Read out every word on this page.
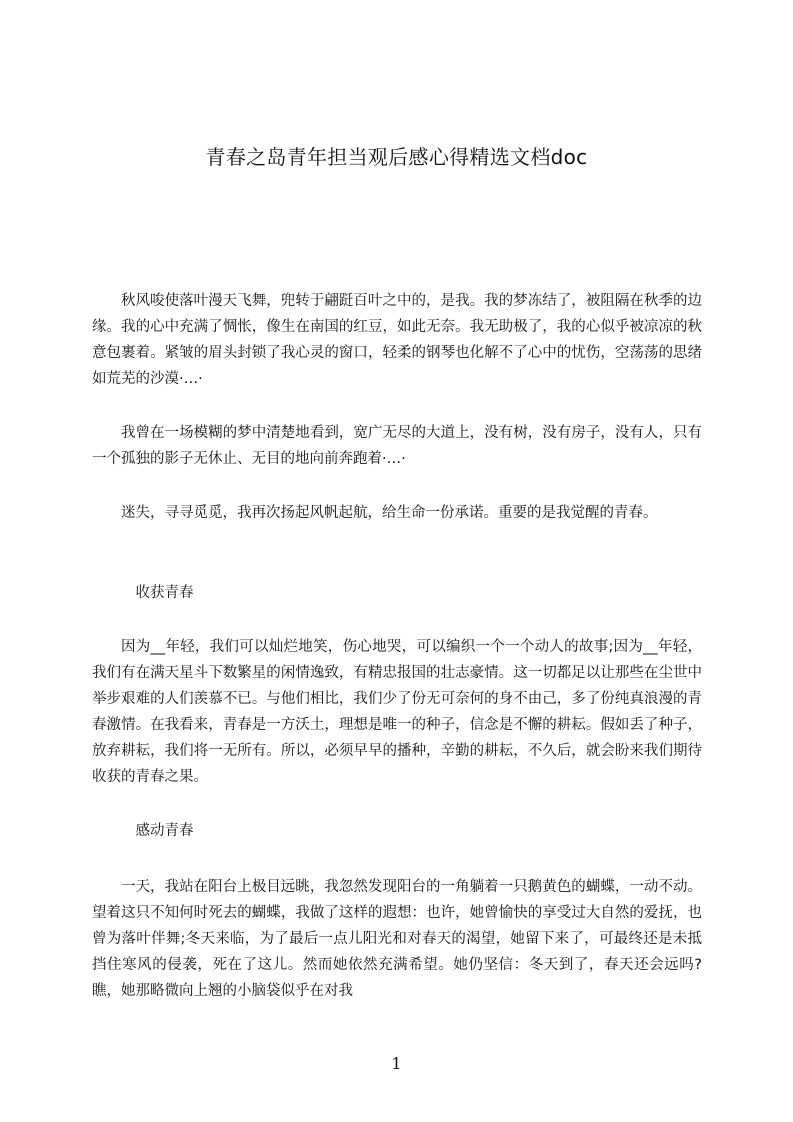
青春之岛青年担当观后感心得精选文档doc

秋风唆使落叶漫天飞舞，兜转于翩跹百叶之中的，是我。我的梦冻结了，被阻隔在秋季的边缘。我的心中充满了惆怅，像生在南国的红豆，如此无奈。我无助极了，我的心似乎被凉凉的秋意包裹着。紧皱的眉头封锁了我心灵的窗口，轻柔的钢琴也化解不了心中的忧伤，空荡荡的思绪如荒芜的沙漠·…·

我曾在一场模糊的梦中清楚地看到，宽广无尽的大道上，没有树，没有房子，没有人，只有一个孤独的影子无休止、无目的地向前奔跑着·…·

迷失，寻寻觅觅，我再次扬起风帆起航，给生命一份承诺。重要的是我觉醒的青春。

收获青春

因为__年轻，我们可以灿烂地笑，伤心地哭，可以编织一个一个动人的故事;因为__年轻，我们有在满天星斗下数繁星的闲情逸致，有精忠报国的壮志豪情。这一切都足以让那些在尘世中举步艰难的人们羡慕不已。与他们相比，我们少了份无可奈何的身不由己，多了份纯真浪漫的青春激情。在我看来，青春是一方沃土，理想是唯一的种子，信念是不懈的耕耘。假如丢了种子，放弃耕耘，我们将一无所有。所以，必须早早的播种，辛勤的耕耘，不久后，就会盼来我们期待收获的青春之果。

感动青春

一天，我站在阳台上极目远眺，我忽然发现阳台的一角躺着一只鹅黄色的蝴蝶，一动不动。望着这只不知何时死去的蝴蝶，我做了这样的遐想：也许，她曾愉快的享受过大自然的爱抚，也曾为落叶伴舞;冬天来临，为了最后一点儿阳光和对春天的渴望，她留下来了，可最终还是未抵挡住寒风的侵袭，死在了这儿。然而她依然充满希望。她仍坚信：冬天到了，春天还会远吗?瞧，她那略微向上翘的小脑袋似乎在对我

1
